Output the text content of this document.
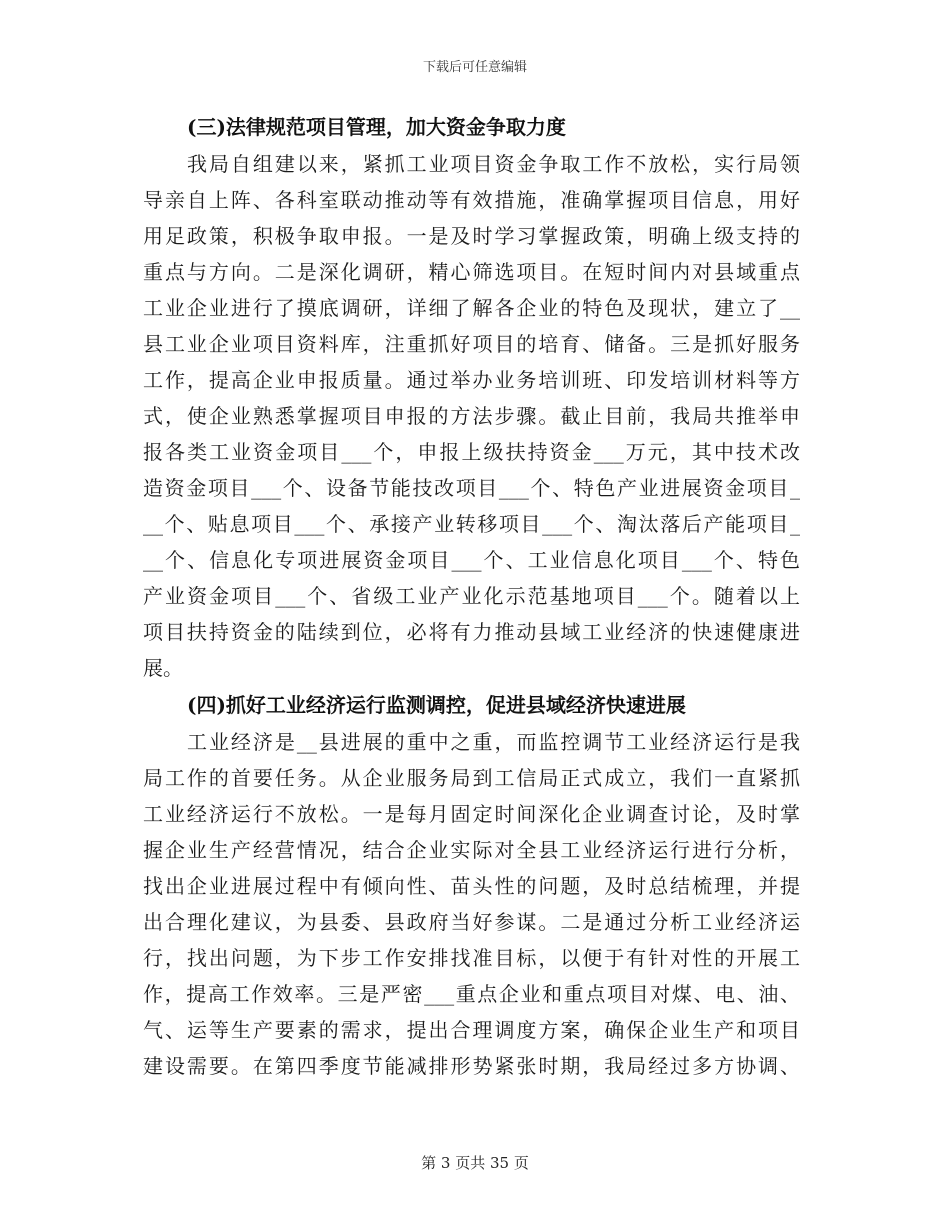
下载后可任意编辑
(三)法律规范项目管理，加大资金争取力度
我局自组建以来，紧抓工业项目资金争取工作不放松，实行局领
导亲自上阵、各科室联动推动等有效措施，准确掌握项目信息，用好
用足政策，积极争取申报。一是及时学习掌握政策，明确上级支持的
重点与方向。二是深化调研，精心筛选项目。在短时间内对县域重点
工业企业进行了摸底调研，详细了解各企业的特色及现状，建立了__
县工业企业项目资料库，注重抓好项目的培育、储备。三是抓好服务
工作，提高企业申报质量。通过举办业务培训班、印发培训材料等方
式，使企业熟悉掌握项目申报的方法步骤。截止目前，我局共推举申
报各类工业资金项目___个，申报上级扶持资金___万元，其中技术改
造资金项目___个、设备节能技改项目___个、特色产业进展资金项目_
__个、贴息项目___个、承接产业转移项目___个、淘汰落后产能项目_
__个、信息化专项进展资金项目___个、工业信息化项目___个、特色
产业资金项目___个、省级工业产业化示范基地项目___个。随着以上
项目扶持资金的陆续到位，必将有力推动县域工业经济的快速健康进
展。
(四)抓好工业经济运行监测调控，促进县域经济快速进展
工业经济是__县进展的重中之重，而监控调节工业经济运行是我
局工作的首要任务。从企业服务局到工信局正式成立，我们一直紧抓
工业经济运行不放松。一是每月固定时间深化企业调查讨论，及时掌
握企业生产经营情况，结合企业实际对全县工业经济运行进行分析，
找出企业进展过程中有倾向性、苗头性的问题，及时总结梳理，并提
出合理化建议，为县委、县政府当好参谋。二是通过分析工业经济运
行，找出问题，为下步工作安排找准目标，以便于有针对性的开展工
作，提高工作效率。三是严密___重点企业和重点项目对煤、电、油、
气、运等生产要素的需求，提出合理调度方案，确保企业生产和项目
建设需要。在第四季度节能减排形势紧张时期，我局经过多方协调、
第 3 页共 35 页
